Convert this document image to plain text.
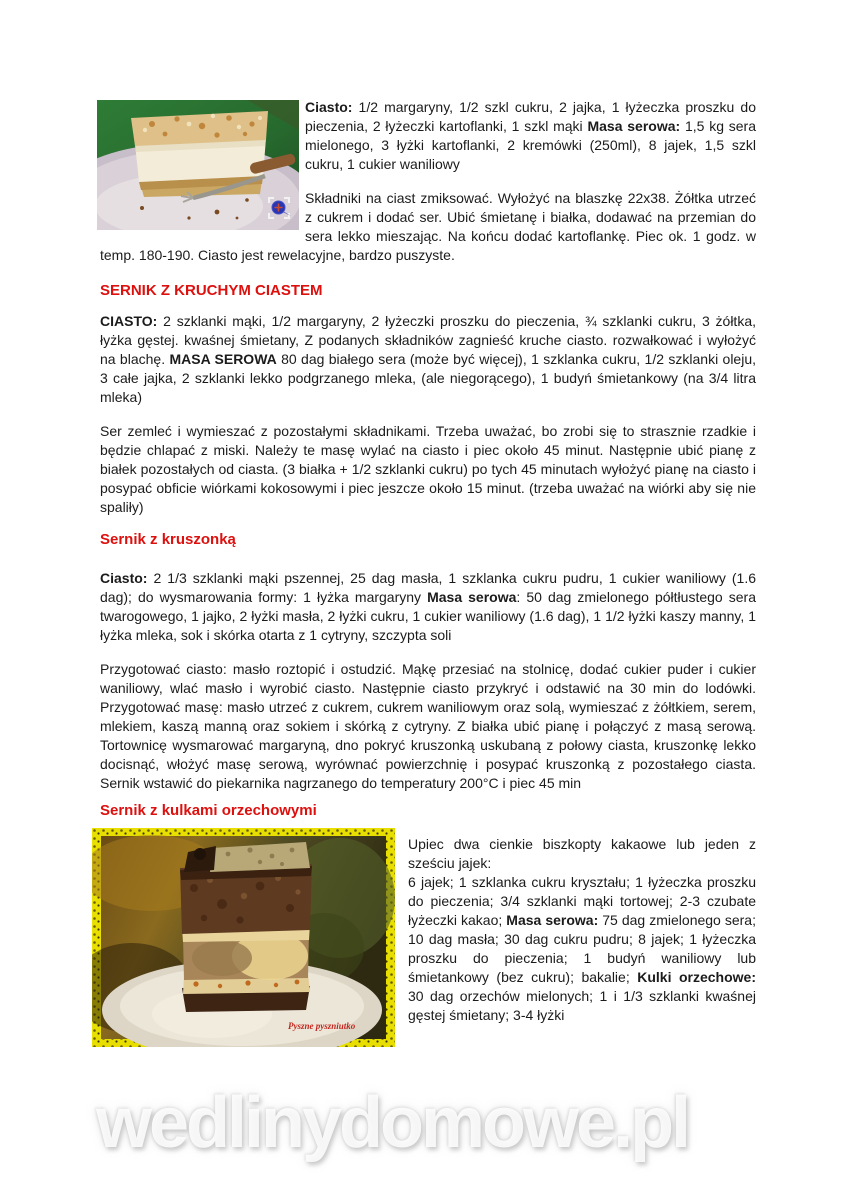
Ciasto: 1/2 margaryny, 1/2 szkl cukru, 2 jajka, 1 łyżeczka proszku do pieczenia, 2 łyżeczki kartoflanki, 1 szkl mąki Masa serowa: 1,5 kg sera mielonego, 3 łyżki kartoflanki, 2 kremówki (250ml), 8 jajek, 1,5 szkl cukru, 1 cukier waniliowy

Składniki na ciast zmiksować. Wyłożyć na blaszkę 22x38. Żółtka utrzeć z cukrem i dodać ser. Ubić śmietanę i białka, dodawać na przemian do sera lekko mieszając. Na końcu dodać kartoflankę. Piec ok. 1 godz. w temp. 180-190. Ciasto jest rewelacyjne, bardzo puszyste.

SERNIK Z KRUCHYM CIASTEM

CIASTO: 2 szklanki mąki, 1/2 margaryny, 2 łyżeczki proszku do pieczenia, ¾ szklanki cukru, 3 żółtka, łyżka gęstej. kwaśnej śmietany, Z podanych składników zagnieść kruche ciasto. rozwałkować i wyłożyć na blachę. MASA SEROWA 80 dag białego sera (może być więcej), 1 szklanka cukru, 1/2 szklanki oleju, 3 całe jajka, 2 szklanki lekko podgrzanego mleka, (ale niegorącego), 1 budyń śmietankowy (na 3/4 litra mleka)

Ser zemleć i wymieszać z pozostałymi składnikami. Trzeba uważać, bo zrobi się to strasznie rzadkie i będzie chlapać z miski. Należy te masę wylać na ciasto i piec około 45 minut. Następnie ubić pianę z białek pozostałych od ciasta. (3 białka + 1/2 szklanki cukru) po tych 45 minutach wyłożyć pianę na ciasto i posypać obficie wiórkami kokosowymi i piec jeszcze około 15 minut. (trzeba uważać na wiórki aby się nie spaliły)

Sernik z kruszonką

Ciasto: 2 1/3 szklanki mąki pszennej, 25 dag masła, 1 szklanka cukru pudru, 1 cukier waniliowy (1.6 dag); do wysmarowania formy: 1 łyżka margaryny Masa serowa: 50 dag zmielonego półtłustego sera twarogowego, 1 jajko, 2 łyżki masła, 2 łyżki cukru, 1 cukier waniliowy (1.6 dag), 1 1/2 łyżki kaszy manny, 1 łyżka mleka, sok i skórka otarta z 1 cytryny, szczypta soli

Przygotować ciasto: masło roztopić i ostudzić. Mąkę przesiać na stolnicę, dodać cukier puder i cukier waniliowy, wlać masło i wyrobić ciasto. Następnie ciasto przykryć i odstawić na 30 min do lodówki. Przygotować masę: masło utrzeć z cukrem, cukrem waniliowym oraz solą, wymieszać z żółtkiem, serem, mlekiem, kaszą manną oraz sokiem i skórką z cytryny. Z białka ubić pianę i połączyć z masą serową. Tortownicę wysmarować margaryną, dno pokryć kruszonką uskubaną z połowy ciasta, kruszonkę lekko docisnąć, włożyć masę serową, wyrównać powierzchnię i posypać kruszonką z pozostałego ciasta. Sernik wstawić do piekarnika nagrzanego do temperatury 200°C i piec 45 min

Sernik z kulkami orzechowymi
Pyszne pyszniutko

Upiec dwa cienkie biszkopty kakaowe lub jeden z sześciu jajek:
6 jajek; 1 szklanka cukru kryształu; 1 łyżeczka proszku do pieczenia; 3/4 szklanki mąki tortowej; 2-3 czubate łyżeczki kakao; Masa serowa: 75 dag zmielonego sera; 10 dag masła; 30 dag cukru pudru; 8 jajek; 1 łyżeczka proszku do pieczenia; 1 budyń waniliowy lub śmietankowy (bez cukru); bakalie; Kulki orzechowe: 30 dag orzechów mielonych; 1 i 1/3 szklanki kwaśnej gęstej śmietany; 3-4 łyżki

wedlinydomowe.pl
